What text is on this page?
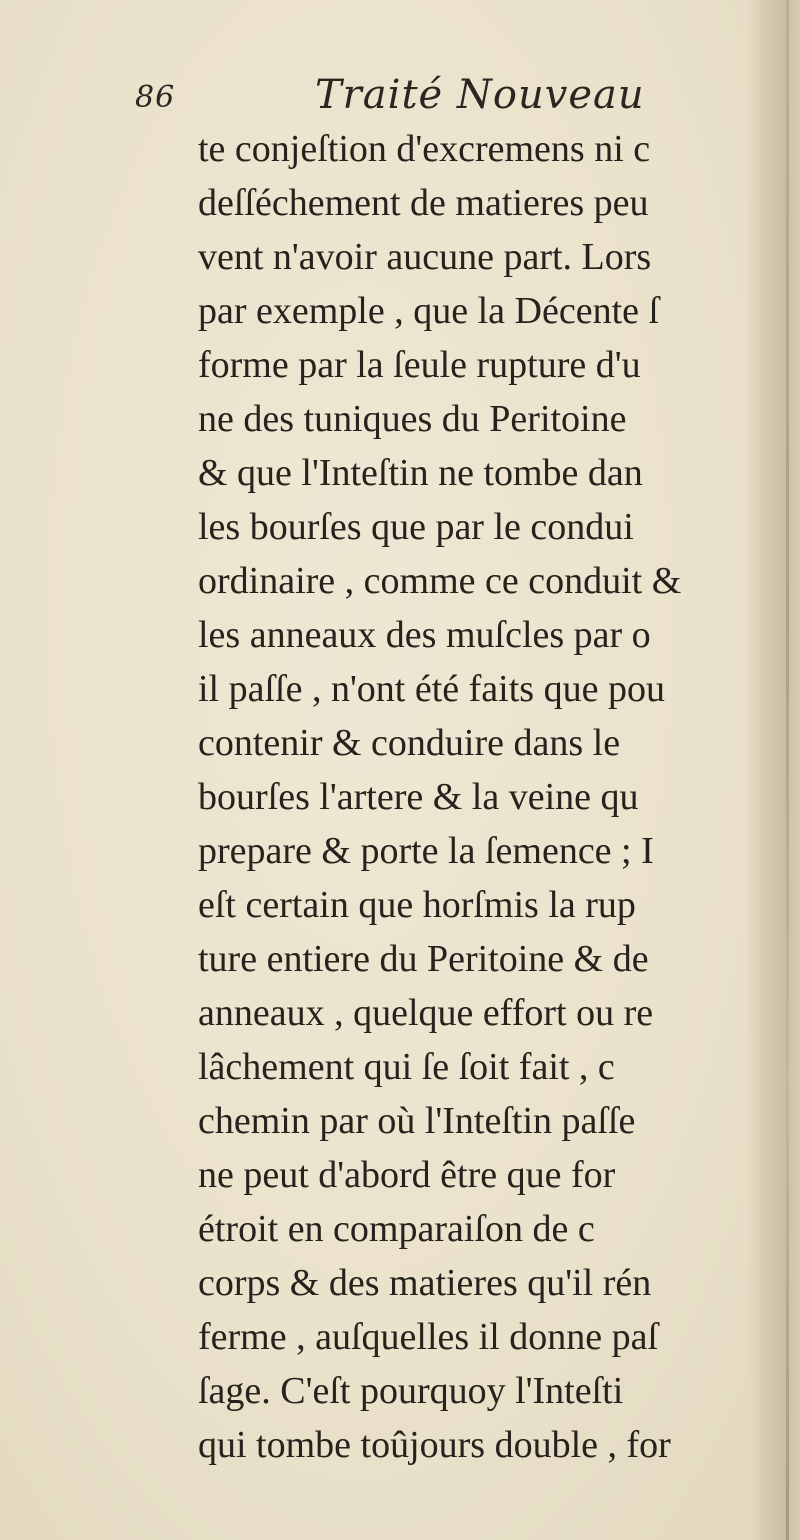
86	Traité Nouveau
te conjeſtion d'excremens ni c
deſſéchement de matieres peu
vent n'avoir aucune part. Lors
par exemple , que la Décente ſ
forme par la ſeule rupture d'u
ne des tuniques du Peritoine
& que l'Inteſtin ne tombe dan
les bourſes que par le condui
ordinaire , comme ce conduit &
les anneaux des muſcles par o
il paſſe , n'ont été faits que pou
contenir & conduire dans le
bourſes l'artere & la veine qu
prepare & porte la ſemence ; I
eſt certain que horſmis la rup
ture entiere du Peritoine & de
anneaux , quelque effort ou re
lâchement qui ſe ſoit fait , c
chemin par où l'Inteſtin paſſe
ne peut d'abord être que for
étroit en comparaiſon de c
corps & des matieres qu'il rén
ferme , auſquelles il donne paſ
ſage. C'eſt pourquoy l'Inteſti
qui tombe toûjours double , for
